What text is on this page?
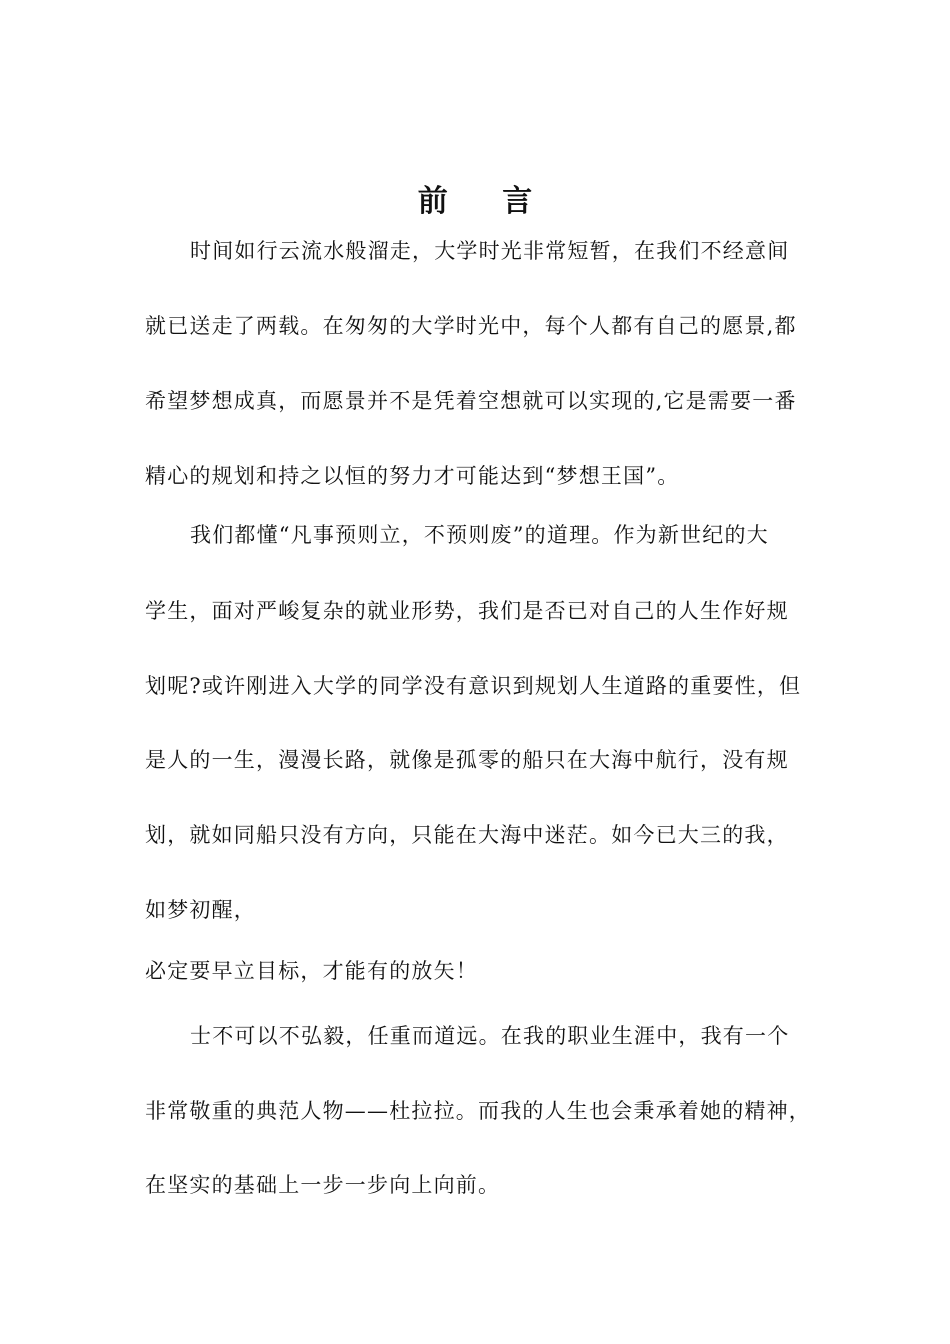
前 言
时间如行云流水般溜走，大学时光非常短暂，在我们不经意间
就已送走了两载。在匆匆的大学时光中，每个人都有自己的愿景,都
希望梦想成真，而愿景并不是凭着空想就可以实现的,它是需要一番
精心的规划和持之以恒的努力才可能达到“梦想王国”。
我们都懂“凡事预则立，不预则废”的道理。作为新世纪的大
学生，面对严峻复杂的就业形势，我们是否已对自己的人生作好规
划呢?或许刚进入大学的同学没有意识到规划人生道路的重要性，但
是人的一生，漫漫长路，就像是孤零的船只在大海中航行，没有规
划，就如同船只没有方向，只能在大海中迷茫。如今已大三的我，
如梦初醒，
必定要早立目标，才能有的放矢！
士不可以不弘毅，任重而道远。在我的职业生涯中，我有一个
非常敬重的典范人物——杜拉拉。而我的人生也会秉承着她的精神，
在坚实的基础上一步一步向上向前。
